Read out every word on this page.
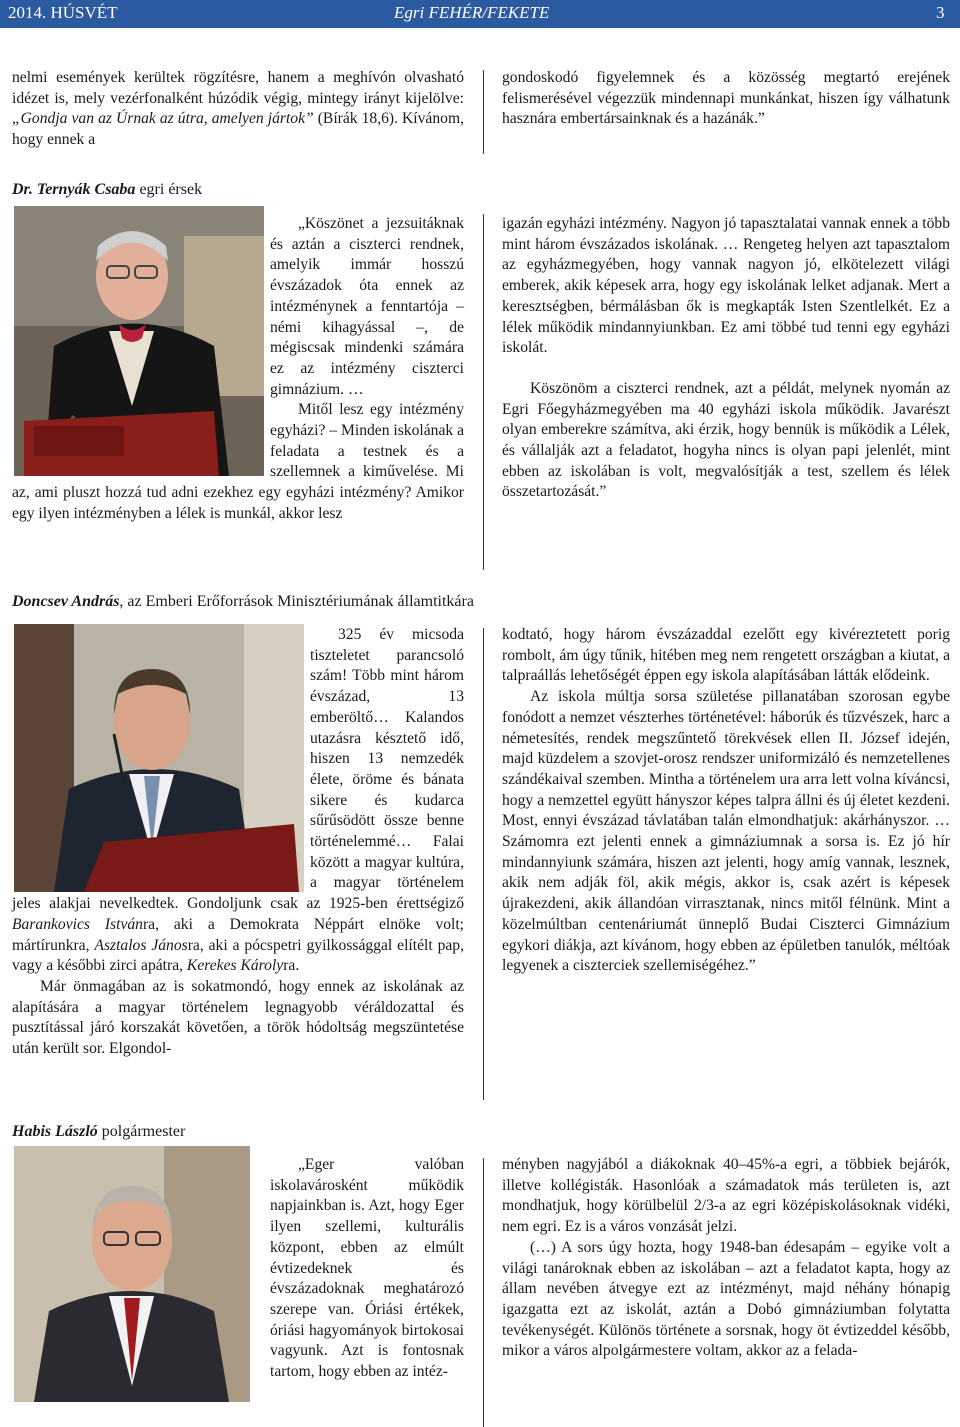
2014. HÚSVÉT	Egri FEHÉR/FEKETE	3

nelmi események kerültek rögzítésre, hanem a meghívón olvasható idézet is, mely vezérfonalként húzódik végig, mintegy irányt kijelölve: „Gondja van az Úrnak az útra, amelyen jártok” (Bírák 18,6). Kívánom, hogy ennek a

gondoskodó figyelemnek és a közösség megtartó erejének felismerésével végezzük mindennapi munkánkat, hiszen így válhatunk hasznára embertársainknak és a hazánák.”

Dr. Ternyák Csaba egri érsek

„Köszönet a jezsuitáknak és aztán a ciszterci rendnek, amelyik immár hosszú évszázadok óta ennek az intézménynek a fenntartója – némi kihagyással –, de mégiscsak mindenki számára ez az intézmény ciszterci gimnázium. …

Mitől lesz egy intézmény egyházi? – Minden iskolának a feladata a testnek és a szellemnek a kiművelése. Mi az, ami pluszt hozzá tud adni ezekhez egy egyházi intézmény? Amikor egy ilyen intézményben a lélek is munkál, akkor lesz

igazán egyházi intézmény. Nagyon jó tapasztalatai vannak ennek a több mint három évszázados iskolának. … Rengeteg helyen azt tapasztalom az egyházmegyében, hogy vannak nagyon jó, elkötelezett világi emberek, akik képesek arra, hogy egy iskolának lelket adjanak. Mert a keresztségben, bérmálásban ők is megkapták Isten Szentlelkét. Ez a lélek működik mindannyiunkban. Ez ami többé tud tenni egy egyházi iskolát.

Köszönöm a ciszterci rendnek, azt a példát, melynek nyomán az Egri Főegyházmegyében ma 40 egyházi iskola működik. Javarészt olyan emberekre számítva, aki érzik, hogy bennük is működik a Lélek, és vállalják azt a feladatot, hogyha nincs is olyan papi jelenlét, mint ebben az iskolában is volt, megvalósítják a test, szellem és lélek összetartozását.”

Doncsev András, az Emberi Erőforrások Minisztériumának államtitkára

325 év micsoda tiszteletet parancsoló szám! Több mint három évszázad, 13 emberöltő… Kalandos utazásra késztető idő, hiszen 13 nemzedék élete, öröme és bánata sikere és kudarca sűrűsödött össze benne történelemmé… Falai között a magyar kultúra, a magyar történelem jeles alakjai nevelkedtek. Gondoljunk csak az 1925-ben érettségiző Barankovics Istvánra, aki a Demokrata Néppárt elnöke volt; mártírunkra, Asztalos Jánosra, aki a pócspetri gyilkossággal elítélt pap, vagy a későbbi zirci apátra, Kerekes Károlyra.

Már önmagában az is sokatmondó, hogy ennek az iskolának az alapítására a magyar történelem legnagyobb véráldozattal és pusztítással járó korszakát követően, a török hódoltság megszüntetése után került sor. Elgondol-

kodtató, hogy három évszázaddal ezelőtt egy kivéreztetett porig rombolt, ám úgy tűnik, hitében meg nem rengetett országban a kiutat, a talpraállás lehetőségét éppen egy iskola alapításában látták elődeink.

Az iskola múltja sorsa születése pillanatában szorosan egybe fonódott a nemzet vészterhes történetével: háborúk és tűzvészek, harc a németesítés, rendek megszűntető törekvések ellen II. József idején, majd küzdelem a szovjet-orosz rendszer uniformizáló és nemzetellenes szándékaival szemben. Mintha a történelem ura arra lett volna kíváncsi, hogy a nemzettel együtt hányszor képes talpra állni és új életet kezdeni. Most, ennyi évszázad távlatában talán elmondhatjuk: akárhányszor. … Számomra ezt jelenti ennek a gimnáziumnak a sorsa is. Ez jó hír mindannyiunk számára, hiszen azt jelenti, hogy amíg vannak, lesznek, akik nem adják föl, akik mégis, akkor is, csak azért is képesek újrakezdeni, akik állandóan virrasztanak, nincs mitől félnünk. Mint a közelmúltban centenáriumát ünneplő Budai Ciszterci Gimnázium egykori diákja, azt kívánom, hogy ebben az épületben tanulók, méltóak legyenek a ciszterciek szellemiségéhez.”

Habis László polgármester

„Eger valóban iskolavárosként működik napjainkban is. Azt, hogy Eger ilyen szellemi, kulturális központ, ebben az elmúlt évtizedeknek és évszázadoknak meghatározó szerepe van. Óriási értékek, óriási hagyományok birtokosai vagyunk. Azt is fontosnak tartom, hogy ebben az intéz-

ményben nagyjából a diákoknak 40–45%-a egri, a többiek bejárók, illetve kollégisták. Hasonlóak a számadatok más területen is, azt mondhatjuk, hogy körülbelül 2/3-a az egri középiskolásoknak vidéki, nem egri. Ez is a város vonzását jelzi.

(…) A sors úgy hozta, hogy 1948-ban édesapám – egyike volt a világi tanároknak ebben az iskolában – azt a feladatot kapta, hogy az állam nevében átvegye ezt az intézményt, majd néhány hónapig igazgatta ezt az iskolát, aztán a Dobó gimnáziumban folytatta tevékenységét. Különös története a sorsnak, hogy öt évtizeddel később, mikor a város alpolgármestere voltam, akkor az a felada-
